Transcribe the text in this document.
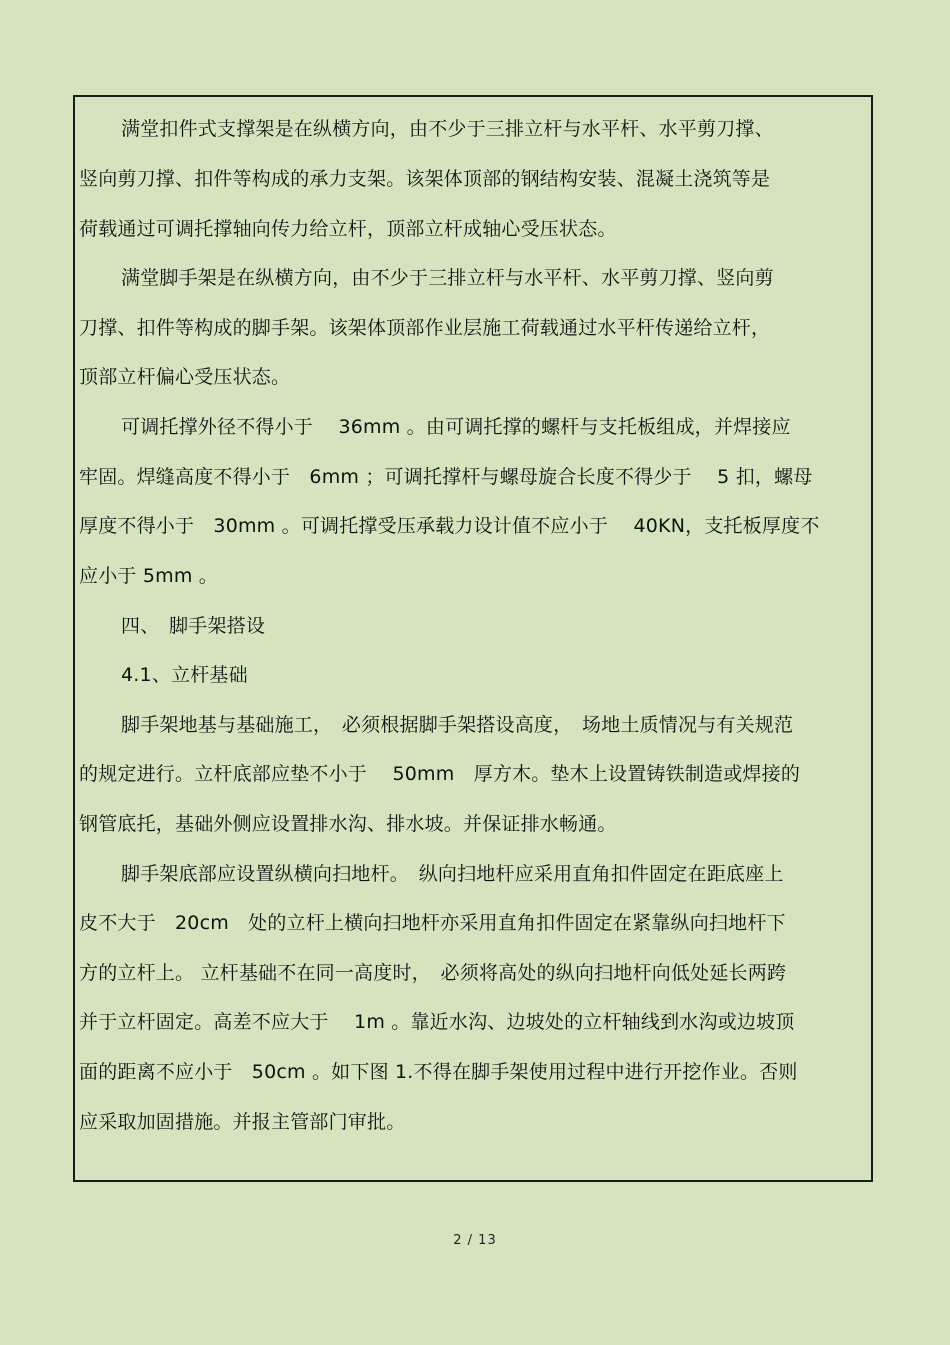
满堂扣件式支撑架是在纵横方向，由不少于三排立杆与水平杆、水平剪刀撑、
竖向剪刀撑、扣件等构成的承力支架。该架体顶部的钢结构安装、混凝土浇筑等是
荷载通过可调托撑轴向传力给立杆，顶部立杆成轴心受压状态。
满堂脚手架是在纵横方向，由不少于三排立杆与水平杆、水平剪刀撑、竖向剪
刀撑、扣件等构成的脚手架。该架体顶部作业层施工荷载通过水平杆传递给立杆，
顶部立杆偏心受压状态。
可调托撑外径不得小于　 36mm 。由可调托撑的螺杆与支托板组成，并焊接应
牢固。焊缝高度不得小于　6mm ；可调托撑杆与螺母旋合长度不得少于　 5 扣，螺母
厚度不得小于　30mm 。可调托撑受压承载力设计值不应小于　 40KN，支托板厚度不
应小于 5mm 。
四、　脚手架搭设
4.1、立杆基础
脚手架地基与基础施工，　必须根据脚手架搭设高度，　场地土质情况与有关规范
的规定进行。立杆底部应垫不小于　 50mm　厚方木。垫木上设置铸铁制造或焊接的
钢管底托，基础外侧应设置排水沟、排水坡。并保证排水畅通。
脚手架底部应设置纵横向扫地杆。　纵向扫地杆应采用直角扣件固定在距底座上
皮不大于　20cm　处的立杆上横向扫地杆亦采用直角扣件固定在紧靠纵向扫地杆下
方的立杆上。 立杆基础不在同一高度时，　必须将高处的纵向扫地杆向低处延长两跨
并于立杆固定。高差不应大于　 1m 。靠近水沟、边坡处的立杆轴线到水沟或边坡顶
面的距离不应小于　50cm 。如下图 1.不得在脚手架使用过程中进行开挖作业。否则
应采取加固措施。并报主管部门审批。
2 / 13
